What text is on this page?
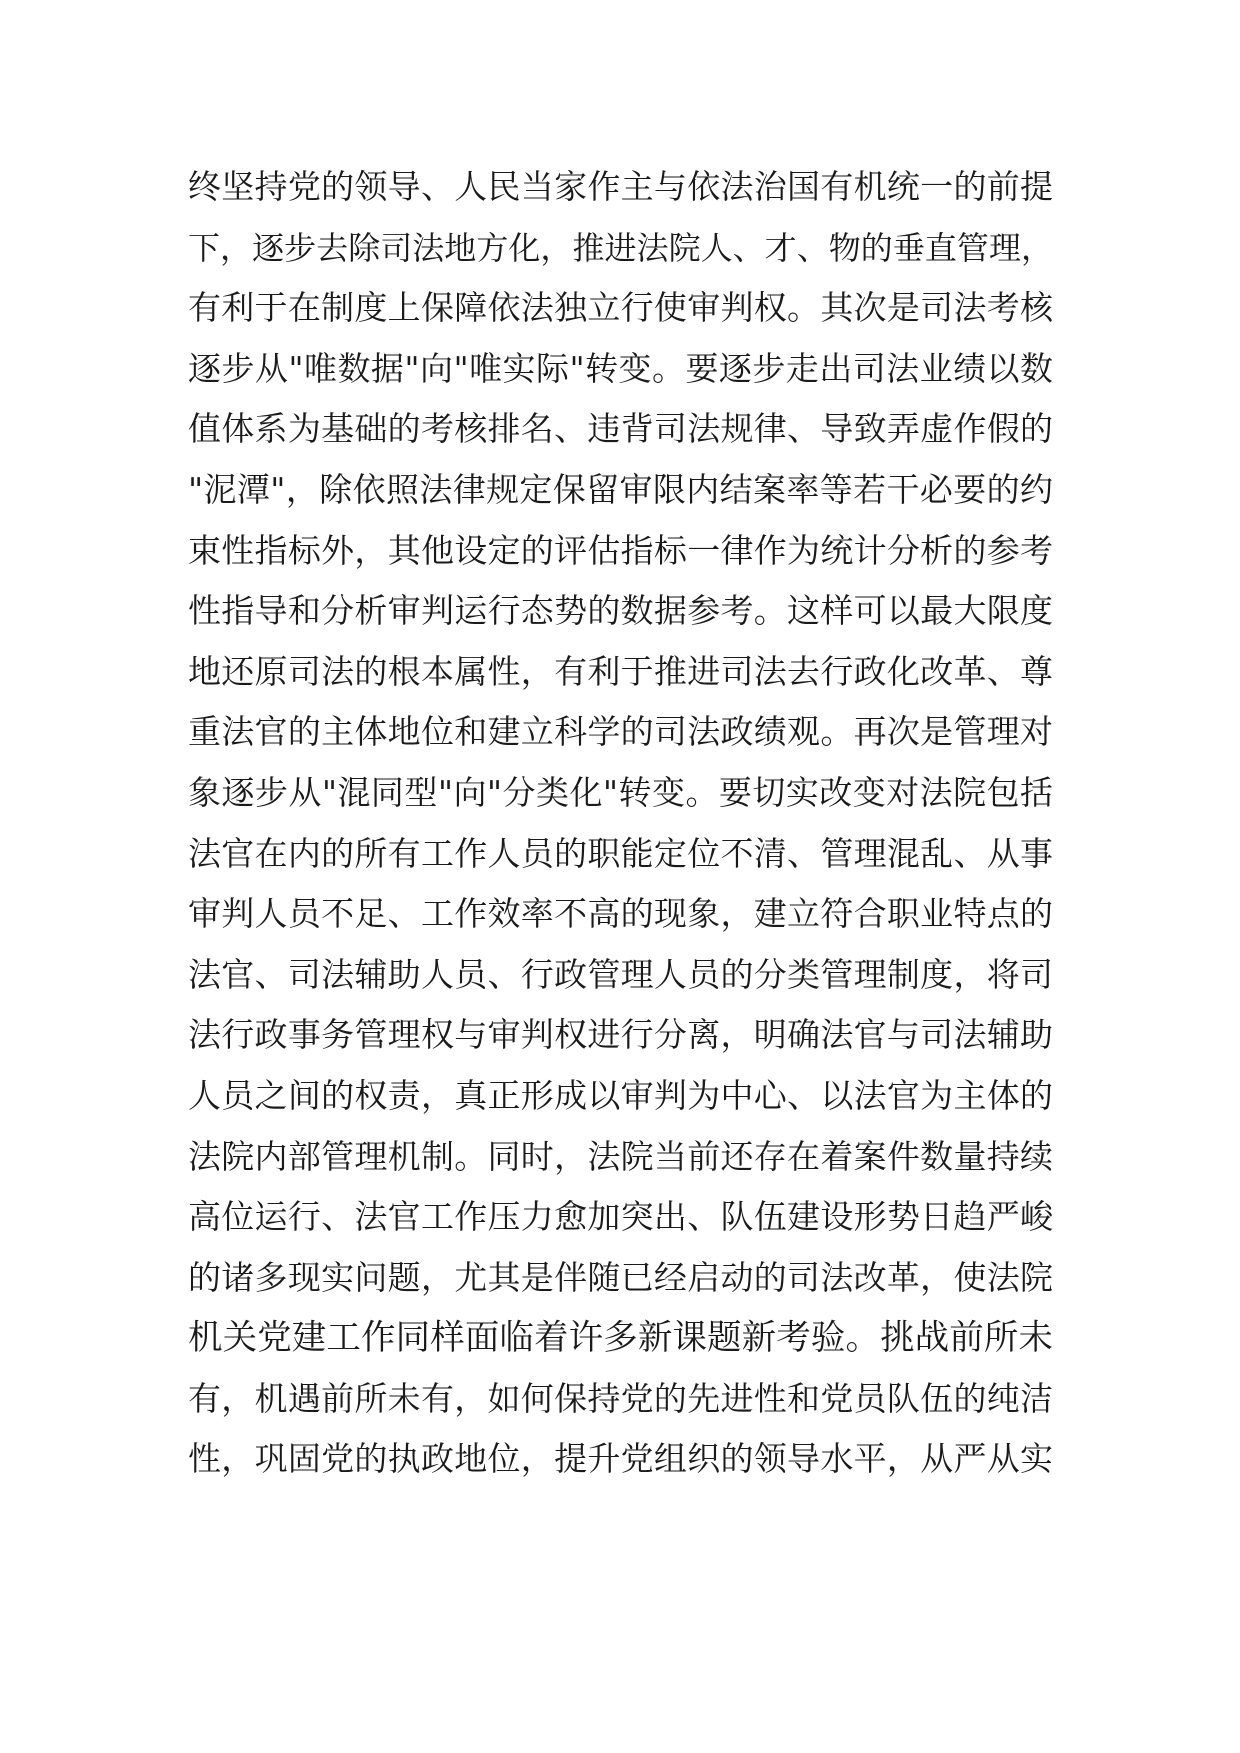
终坚持党的领导、人民当家作主与依法治国有机统一的前提
下，逐步去除司法地方化，推进法院人、才、物的垂直管理，
有利于在制度上保障依法独立行使审判权。其次是司法考核
逐步从"唯数据"向"唯实际"转变。要逐步走出司法业绩以数
值体系为基础的考核排名、违背司法规律、导致弄虚作假的
"泥潭"，除依照法律规定保留审限内结案率等若干必要的约
束性指标外，其他设定的评估指标一律作为统计分析的参考
性指导和分析审判运行态势的数据参考。这样可以最大限度
地还原司法的根本属性，有利于推进司法去行政化改革、尊
重法官的主体地位和建立科学的司法政绩观。再次是管理对
象逐步从"混同型"向"分类化"转变。要切实改变对法院包括
法官在内的所有工作人员的职能定位不清、管理混乱、从事
审判人员不足、工作效率不高的现象，建立符合职业特点的
法官、司法辅助人员、行政管理人员的分类管理制度，将司
法行政事务管理权与审判权进行分离，明确法官与司法辅助
人员之间的权责，真正形成以审判为中心、以法官为主体的
法院内部管理机制。同时，法院当前还存在着案件数量持续
高位运行、法官工作压力愈加突出、队伍建设形势日趋严峻
的诸多现实问题，尤其是伴随已经启动的司法改革，使法院
机关党建工作同样面临着许多新课题新考验。挑战前所未
有，机遇前所未有，如何保持党的先进性和党员队伍的纯洁
性，巩固党的执政地位，提升党组织的领导水平，从严从实
